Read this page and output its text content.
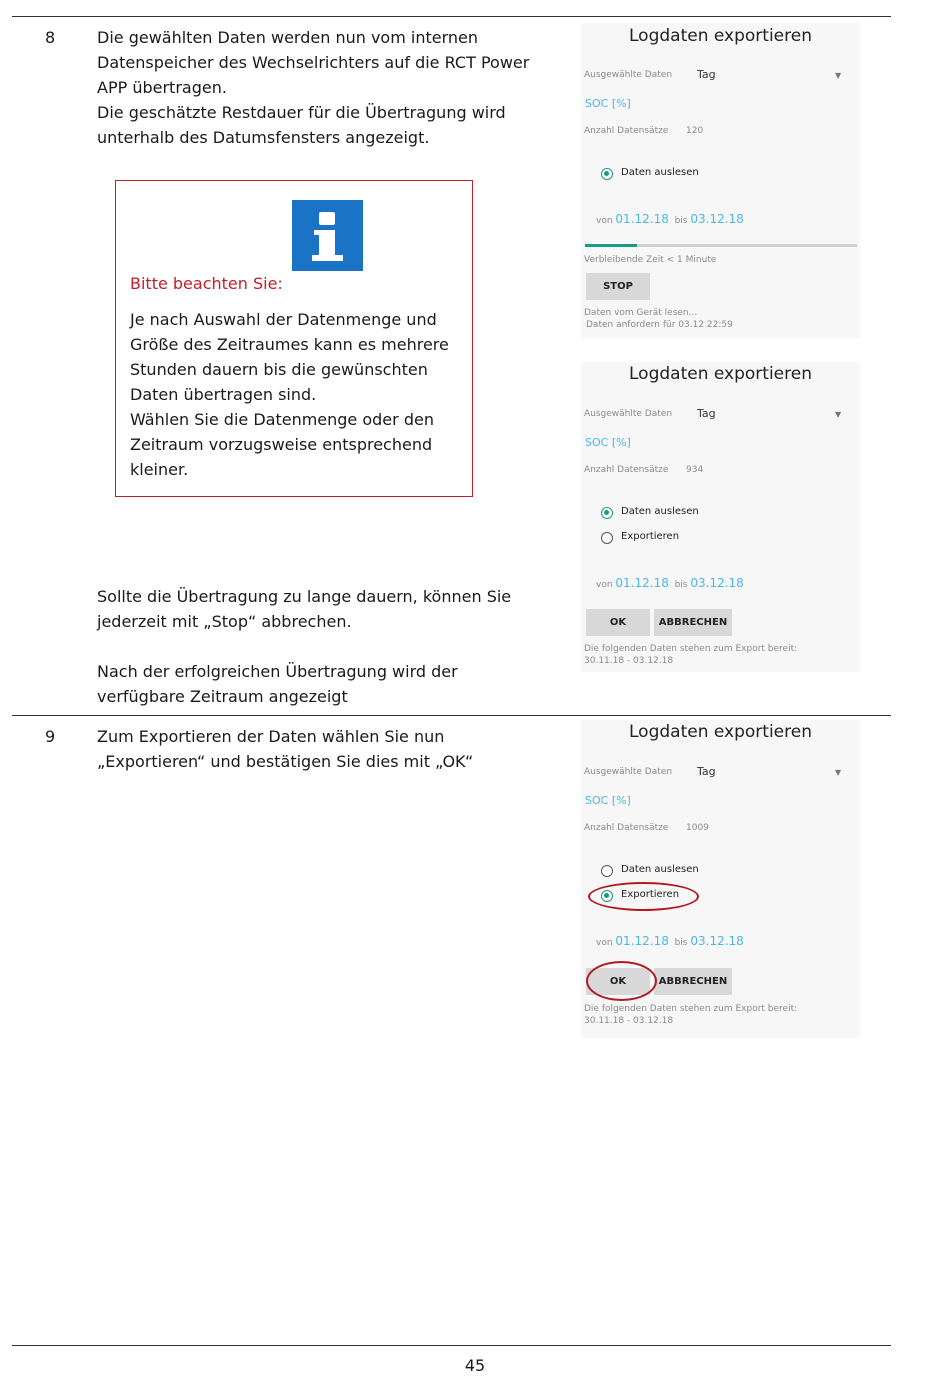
8	Die gewählten Daten werden nun vom internen

Datenspeicher des Wechselrichters auf die RCT Power

APP übertragen.

Die geschätzte Restdauer für die Übertragung wird

unterhalb des Datumsfensters angezeigt.

Bitte beachten Sie:

Je nach Auswahl der Datenmenge und

Größe des Zeitraumes kann es mehrere

Stunden dauern bis die gewünschten

Daten übertragen sind.

Wählen Sie die Datenmenge oder den

Zeitraum vorzugsweise entsprechend

kleiner.

Sollte die Übertragung zu lange dauern, können Sie

jederzeit mit „Stop“ abbrechen.

Nach der erfolgreichen Übertragung wird der

verfügbare Zeitraum angezeigt

9	Zum Exportieren der Daten wählen Sie nun

„Exportieren“ und bestätigen Sie dies mit „OK“

Logdaten exportieren
Ausgewählte Daten Tag	▼
SOC [%]
Anzahl Datensätze 120
Daten auslesen
von 01.12.18 bis 03.12.18
Verbleibende Zeit < 1 Minute
STOP
Daten vom Gerät lesen...
Daten anfordern für 03.12 22:59
Logdaten exportieren
Ausgewählte Daten Tag	▼
SOC [%]
Anzahl Datensätze 934
Daten auslesen
Exportieren
von 01.12.18 bis 03.12.18
OK	ABBRECHEN
Die folgenden Daten stehen zum Export bereit:
30.11.18 - 03.12.18
Logdaten exportieren
Ausgewählte Daten Tag	▼
SOC [%]
Anzahl Datensätze 1009
Daten auslesen
Exportieren
von 01.12.18 bis 03.12.18
OK	ABBRECHEN
Die folgenden Daten stehen zum Export bereit:
30.11.18 - 03.12.18
45
